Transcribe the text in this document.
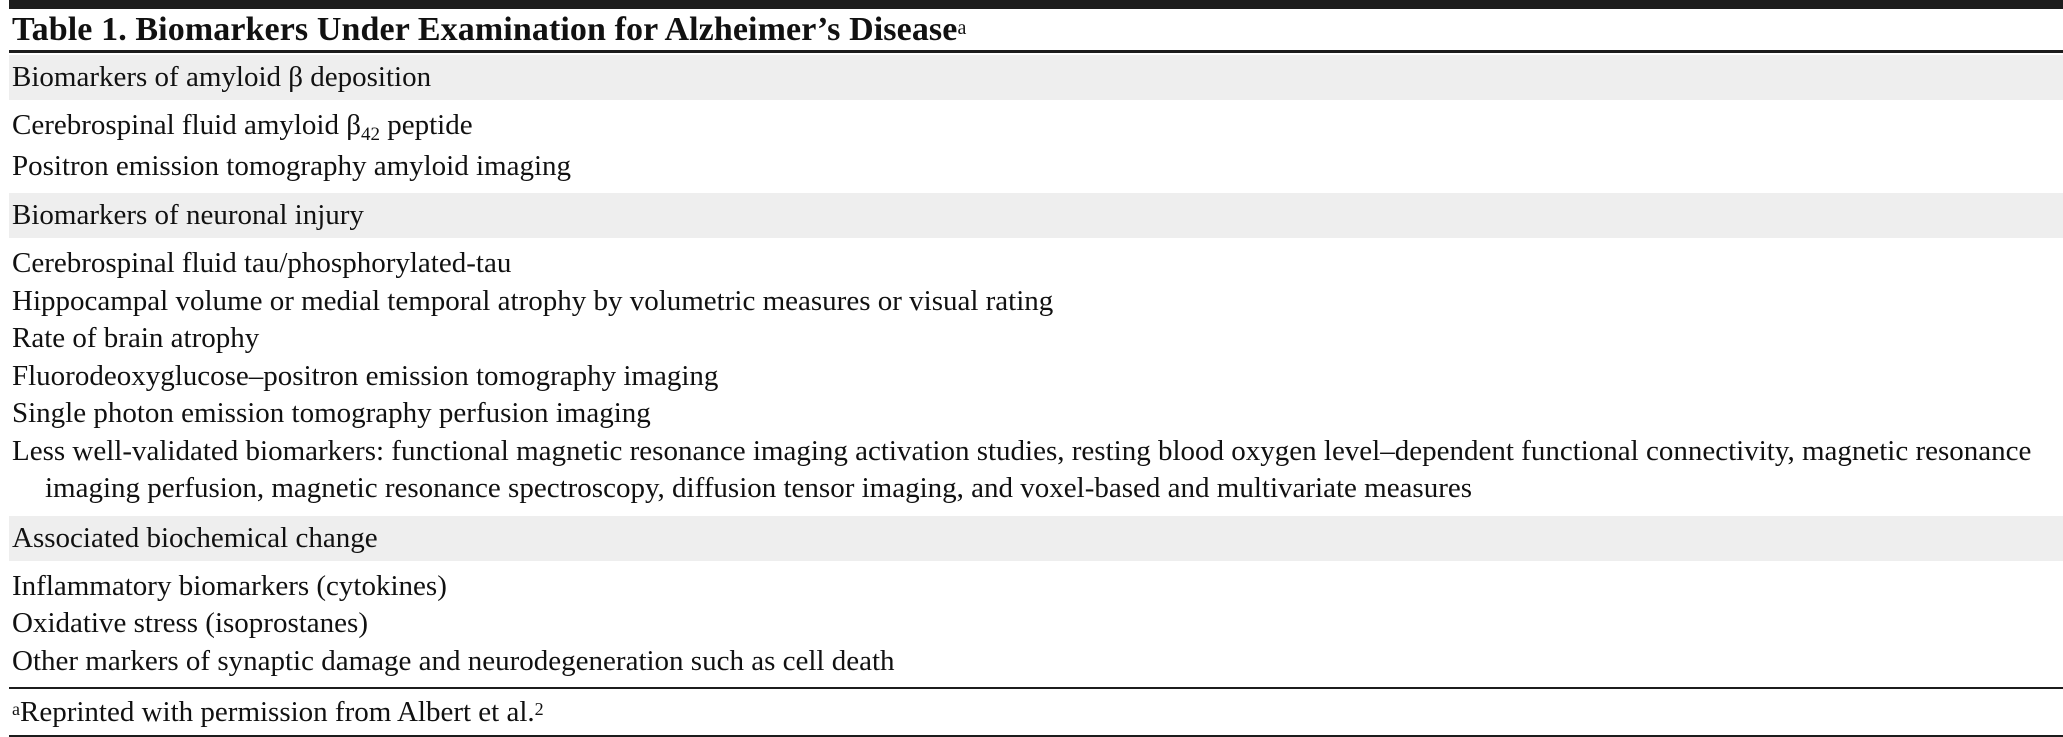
Table 1. Biomarkers Under Examination for Alzheimer’s Disease$^a$
Biomarkers of amyloid β deposition
Cerebrospinal fluid amyloid $\beta_{42}$ peptide
Positron emission tomography amyloid imaging
Biomarkers of neuronal injury
Cerebrospinal fluid tau/phosphorylated-tau
Hippocampal volume or medial temporal atrophy by volumetric measures or visual rating
Rate of brain atrophy
Fluorodeoxyglucose–positron emission tomography imaging
Single photon emission tomography perfusion imaging
Less well-validated biomarkers: functional magnetic resonance imaging activation studies, resting blood oxygen level–dependent functional connectivity, magnetic resonance imaging perfusion, magnetic resonance spectroscopy, diffusion tensor imaging, and voxel-based and multivariate measures
Associated biochemical change
Inflammatory biomarkers (cytokines)
Oxidative stress (isoprostanes)
Other markers of synaptic damage and neurodegeneration such as cell death
$^a$Reprinted with permission from Albert et al.$^2$
